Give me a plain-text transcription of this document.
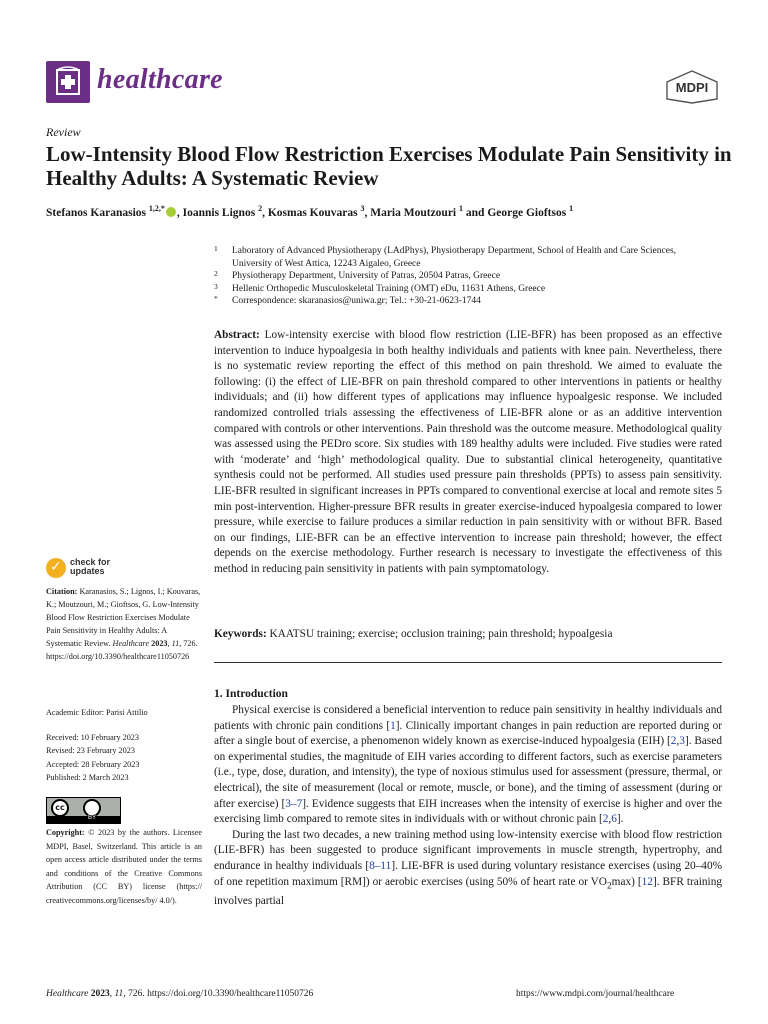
healthcare	MDPI
Review
Low-Intensity Blood Flow Restriction Exercises Modulate Pain Sensitivity in Healthy Adults: A Systematic Review
Stefanos Karanasios $^{1,2,*}$ , Ioannis Lignos $^2$, Kosmas Kouvaras $^3$, Maria Moutzouri $^1$ and George Gioftsos $^1$
1 Laboratory of Advanced Physiotherapy (LAdPhys), Physiotherapy Department, School of Health and Care Sciences, University of West Attica, 12243 Aigaleo, Greece
2 Physiotherapy Department, University of Patras, 20504 Patras, Greece
3 Hellenic Orthopedic Musculoskeletal Training (OMT) eDu, 11631 Athens, Greece
* Correspondence: skaranasios@uniwa.gr; Tel.: +30-21-0623-1744
Abstract: Low-intensity exercise with blood flow restriction (LIE-BFR) has been proposed as an effective intervention to induce hypoalgesia in both healthy individuals and patients with knee pain. Nevertheless, there is no systematic review reporting the effect of this method on pain threshold. We aimed to evaluate the following: (i) the effect of LIE-BFR on pain threshold compared to other interventions in patients or healthy individuals; and (ii) how different types of applications may influence hypoalgesic response. We included randomized controlled trials assessing the effectiveness of LIE-BFR alone or as an additive intervention compared with controls or other interventions. Pain threshold was the outcome measure. Methodological quality was assessed using the PEDro score. Six studies with 189 healthy adults were included. Five studies were rated with ‘moderate’ and ‘high’ methodological quality. Due to substantial clinical heterogeneity, quantitative synthesis could not be performed. All studies used pressure pain thresholds (PPTs) to assess pain sensitivity. LIE-BFR resulted in significant increases in PPTs compared to conventional exercise at local and remote sites 5 min post-intervention. Higher-pressure BFR results in greater exercise-induced hypoalgesia compared to lower pressure, while exercise to failure produces a similar reduction in pain sensitivity with or without BFR. Based on our findings, LIE-BFR can be an effective intervention to increase pain threshold; however, the effect depends on the exercise methodology. Further research is necessary to investigate the effectiveness of this method in reducing pain sensitivity in patients with pain symptomatology.
Keywords: KAATSU training; exercise; occlusion training; pain threshold; hypoalgesia
✓ check for
updates
Citation: Karanasios, S.; Lignos, I.; Kouvaras, K.; Moutzouri, M.; Gioftsos, G. Low-Intensity Blood Flow Restriction Exercises Modulate Pain Sensitivity in Healthy Adults: A Systematic Review. Healthcare 2023, 11, 726. https://doi.org/10.3390/healthcare11050726
Academic Editor: Parisi Attilio
Received: 10 February 2023
Revised: 23 February 2023
Accepted: 28 February 2023
Published: 2 March 2023
cc
BY
Copyright: © 2023 by the authors. Licensee MDPI, Basel, Switzerland. This article is an open access article distributed under the terms and conditions of the Creative Commons Attribution (CC BY) license (https:// creativecommons.org/licenses/by/ 4.0/).
1. Introduction

Physical exercise is considered a beneficial intervention to reduce pain sensitivity in healthy individuals and patients with chronic pain conditions [1]. Clinically important changes in pain reduction are reported during or after a single bout of exercise, a phenomenon widely known as exercise-induced hypoalgesia (EIH) [2,3]. Based on experimental studies, the magnitude of EIH varies according to different factors, such as exercise parameters (i.e., type, dose, duration, and intensity), the type of noxious stimulus used for assessment (pressure, thermal, or electrical), the site of measurement (local or remote, muscle, or bone), and the timing of assessment (during or after exercise) [3–7]. Evidence suggests that EIH increases when the intensity of exercise is higher and over the exercising limb compared to remote sites in individuals with or without chronic pain [2,6].

During the last two decades, a new training method using low-intensity exercise with blood flow restriction (LIE-BFR) has been suggested to produce significant improvements in muscle strength, hypertrophy, and endurance in healthy individuals [8–11]. LIE-BFR is used during voluntary resistance exercises (using 20–40% of one repetition maximum [RM]) or aerobic exercises (using 50% of heart rate or $VO_2\max$) [12]. BFR training involves partial

Healthcare 2023, 11, 726. https://doi.org/10.3390/healthcare11050726	https://www.mdpi.com/journal/healthcare
